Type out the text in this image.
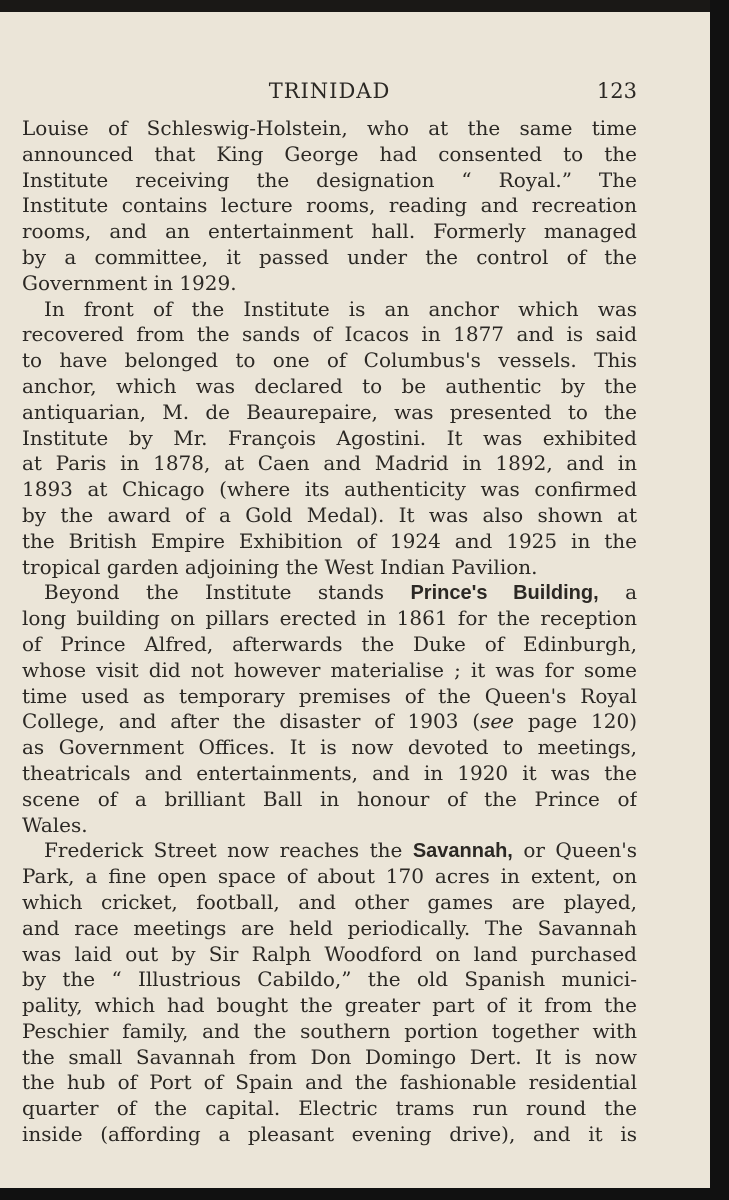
TRINIDAD	123
Louise of Schleswig-Holstein, who at the same time
announced that King George had consented to the
Institute receiving the designation “ Royal.” The
Institute contains lecture rooms, reading and recreation
rooms, and an entertainment hall. Formerly managed
by a committee, it passed under the control of the
Government in 1929.
In front of the Institute is an anchor which was
recovered from the sands of Icacos in 1877 and is said
to have belonged to one of Columbus's vessels. This
anchor, which was declared to be authentic by the
antiquarian, M. de Beaurepaire, was presented to the
Institute by Mr. François Agostini. It was exhibited
at Paris in 1878, at Caen and Madrid in 1892, and in
1893 at Chicago (where its authenticity was confirmed
by the award of a Gold Medal). It was also shown at
the British Empire Exhibition of 1924 and 1925 in the
tropical garden adjoining the West Indian Pavilion.
Beyond the Institute stands Prince's Building, a
long building on pillars erected in 1861 for the reception
of Prince Alfred, afterwards the Duke of Edinburgh,
whose visit did not however materialise ; it was for some
time used as temporary premises of the Queen's Royal
College, and after the disaster of 1903 (see page 120)
as Government Offices. It is now devoted to meetings,
theatricals and entertainments, and in 1920 it was the
scene of a brilliant Ball in honour of the Prince of
Wales.
Frederick Street now reaches the Savannah, or Queen's
Park, a fine open space of about 170 acres in extent, on
which cricket, football, and other games are played,
and race meetings are held periodically. The Savannah
was laid out by Sir Ralph Woodford on land purchased
by the “ Illustrious Cabildo,” the old Spanish munici-
pality, which had bought the greater part of it from the
Peschier family, and the southern portion together with
the small Savannah from Don Domingo Dert. It is now
the hub of Port of Spain and the fashionable residential
quarter of the capital. Electric trams run round the
inside (affording a pleasant evening drive), and it is
